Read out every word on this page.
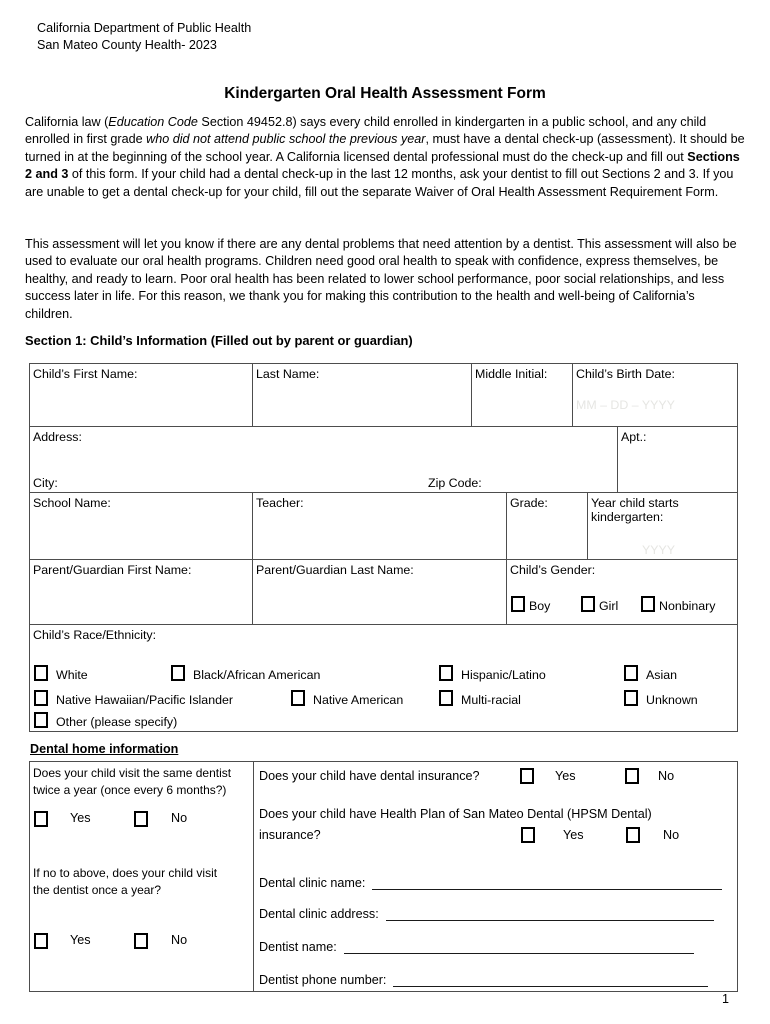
California Department of Public Health
San Mateo County Health- 2023
Kindergarten Oral Health Assessment Form

California law (Education Code Section 49452.8) says every child enrolled in kindergarten in a public school, and any child enrolled in first grade who did not attend public school the previous year, must have a dental check-up (assessment). It should be turned in at the beginning of the school year. A California licensed dental professional must do the check-up and fill out Sections 2 and 3 of this form. If your child had a dental check-up in the last 12 months, ask your dentist to fill out Sections 2 and 3. If you are unable to get a dental check-up for your child, fill out the separate Waiver of Oral Health Assessment Requirement Form.

This assessment will let you know if there are any dental problems that need attention by a dentist. This assessment will also be used to evaluate our oral health programs. Children need good oral health to speak with confidence, express themselves, be healthy, and ready to learn. Poor oral health has been related to lower school performance, poor social relationships, and less success later in life. For this reason, we thank you for making this contribution to the health and well-being of California’s children.

Section 1: Child’s Information (Filled out by parent or guardian)
Child’s First Name:	Last Name:	Middle Initial:	Child’s Birth Date:
MM – DD – YYYY
Address:
City:	Zip Code:
Apt.:
School Name:	Teacher:	Grade:	Year child starts kindergarten:
YYYY
Parent/Guardian First Name:	Parent/Guardian Last Name:	Child’s Gender:
Boy	Girl	Nonbinary
Child’s Race/Ethnicity:
White	Black/African American	Hispanic/Latino	Asian
Native Hawaiian/Pacific Islander	Native American	Multi-racial	Unknown
Other (please specify)
Dental home information
Does your child visit the same dentist
twice a year (once every 6 months?)
Yes	No
If no to above, does your child visit
the dentist once a year?
Yes	No
Does your child have dental insurance?	Yes	No
Does your child have Health Plan of San Mateo Dental (HPSM Dental)
insurance?	Yes	No
Dental clinic name:
Dental clinic address:
Dentist name:
Dentist phone number:
1
